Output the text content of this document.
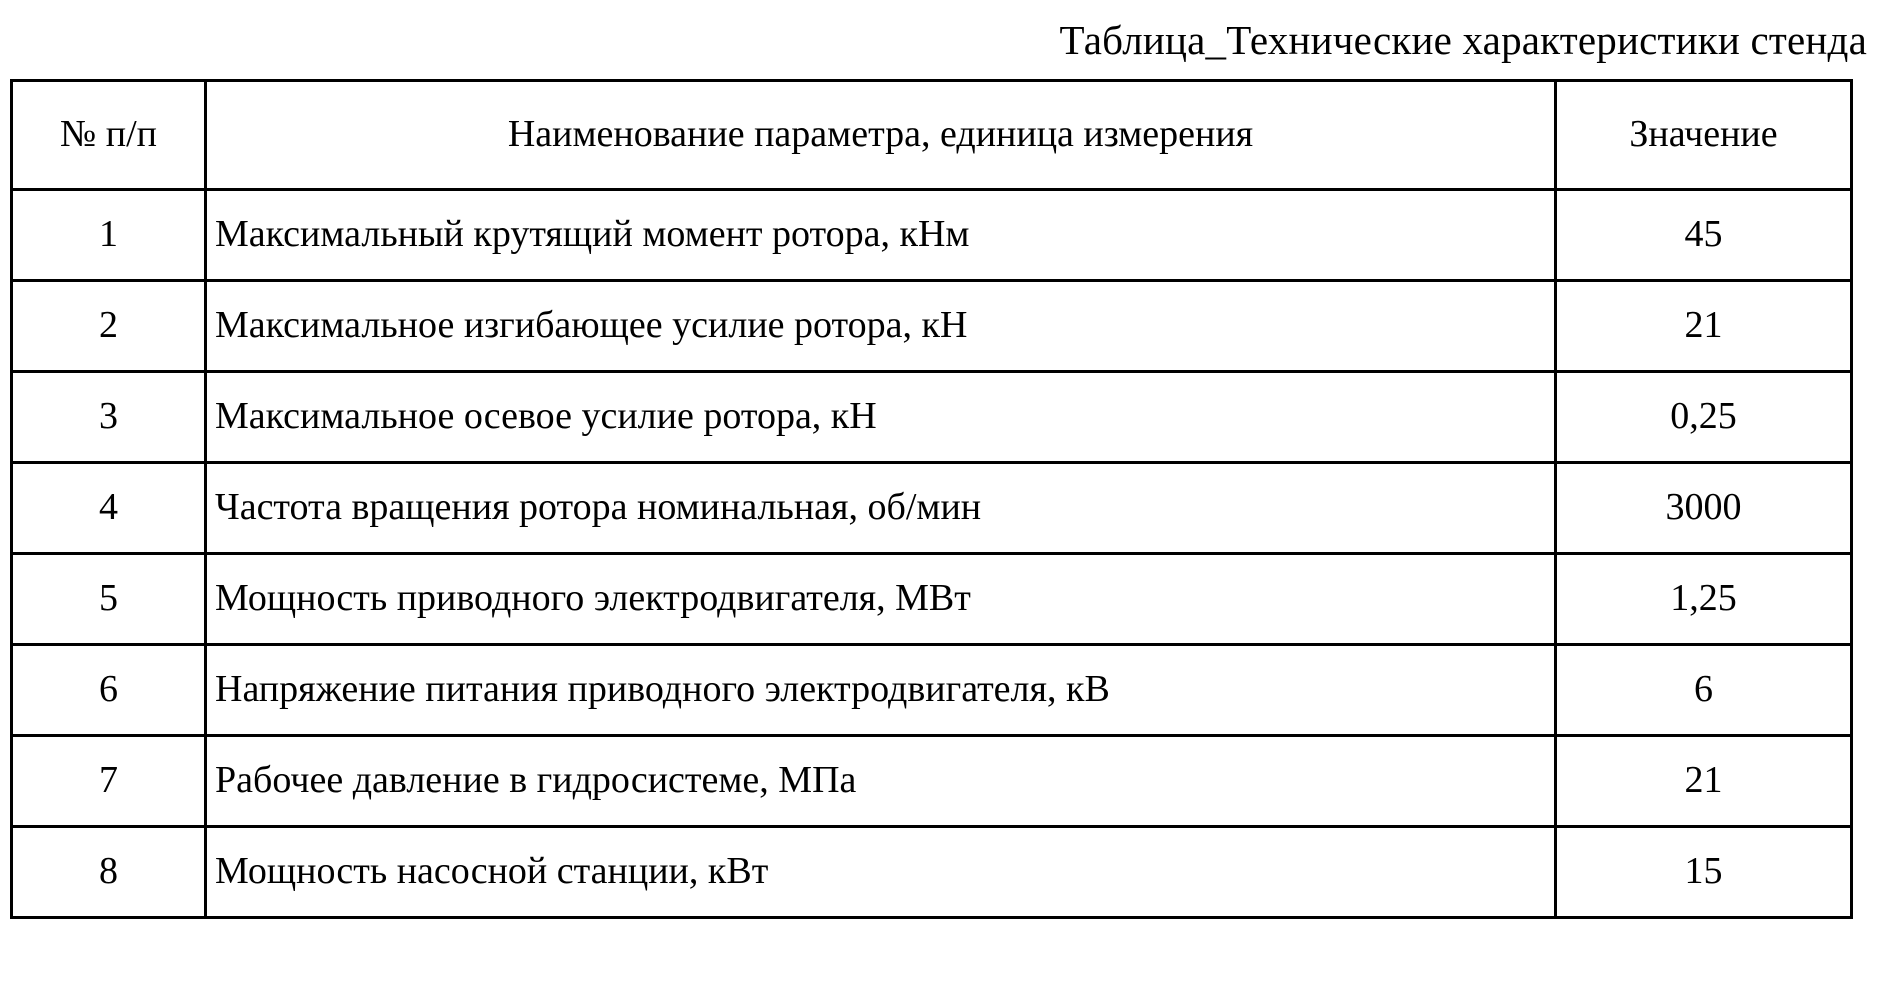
Таблица_Технические характеристики стенда
№ п/п	Наименование параметра, единица измерения	Значение
1	Максимальный крутящий момент ротора, кНм	45
2	Максимальное изгибающее усилие ротора, кН	21
3	Максимальное осевое усилие ротора, кН	0,25
4	Частота вращения ротора номинальная, об/мин	3000
5	Мощность приводного электродвигателя, МВт	1,25
6	Напряжение питания приводного электродвигателя, кВ	6
7	Рабочее давление в гидросистеме, МПа	21
8	Мощность насосной станции, кВт	15
